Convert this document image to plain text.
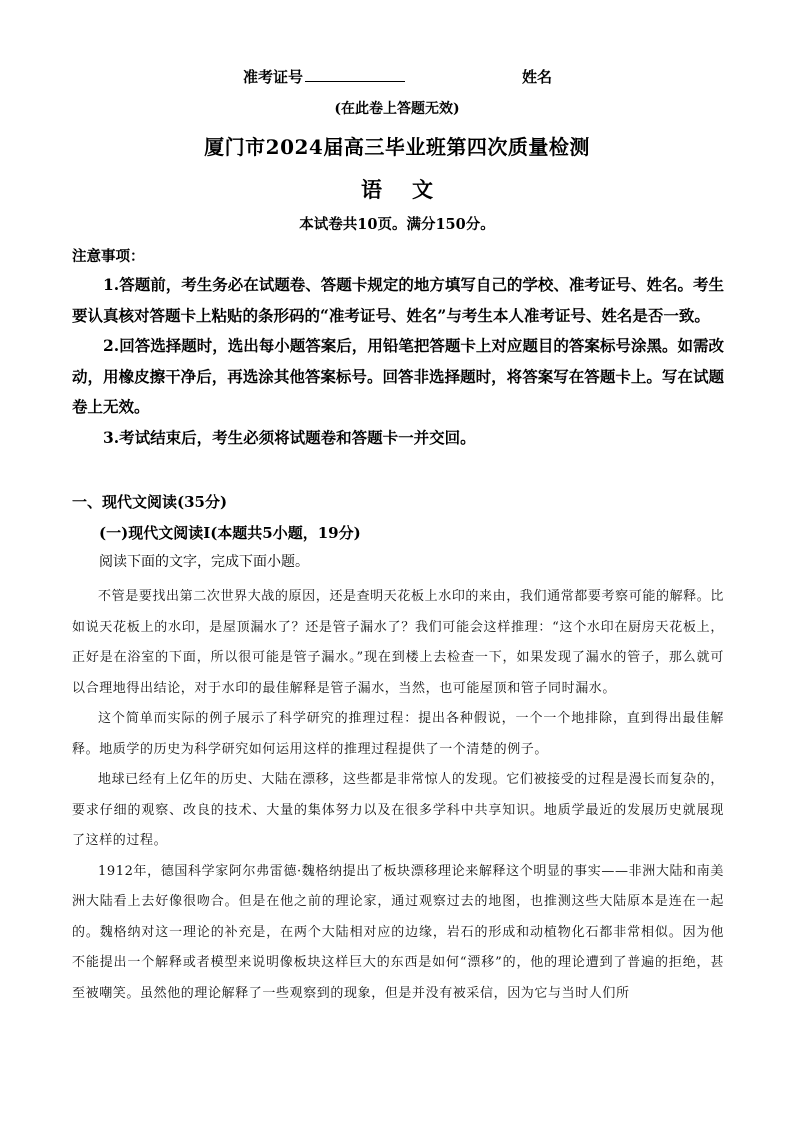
准考证号	姓名
(在此卷上答题无效)
厦门市2024届高三毕业班第四次质量检测
语 文
本试卷共10页。满分150分。
注意事项：

1.答题前，考生务必在试题卷、答题卡规定的地方填写自己的学校、准考证号、姓名。考生要认真核对答题卡上粘贴的条形码的“准考证号、姓名”与考生本人准考证号、姓名是否一致。

2.回答选择题时，选出每小题答案后，用铅笔把答题卡上对应题目的答案标号涂黑。如需改动，用橡皮擦干净后，再选涂其他答案标号。回答非选择题时，将答案写在答题卡上。写在试题卷上无效。

3.考试结束后，考生必须将试题卷和答题卡一并交回。

一、现代文阅读(35分)
(一)现代文阅读Ⅰ(本题共5小题，19分)
阅读下面的文字，完成下面小题。

不管是要找出第二次世界大战的原因，还是查明天花板上水印的来由，我们通常都要考察可能的解释。比如说天花板上的水印，是屋顶漏水了？还是管子漏水了？我们可能会这样推理：“这个水印在厨房天花板上，正好是在浴室的下面，所以很可能是管子漏水。”现在到楼上去检查一下，如果发现了漏水的管子，那么就可以合理地得出结论，对于水印的最佳解释是管子漏水，当然，也可能屋顶和管子同时漏水。

这个简单而实际的例子展示了科学研究的推理过程：提出各种假说，一个一个地排除，直到得出最佳解释。地质学的历史为科学研究如何运用这样的推理过程提供了一个清楚的例子。

地球已经有上亿年的历史、大陆在漂移，这些都是非常惊人的发现。它们被接受的过程是漫长而复杂的，要求仔细的观察、改良的技术、大量的集体努力以及在很多学科中共享知识。地质学最近的发展历史就展现了这样的过程。

1912年，德国科学家阿尔弗雷德·魏格纳提出了板块漂移理论来解释这个明显的事实——非洲大陆和南美洲大陆看上去好像很吻合。但是在他之前的理论家，通过观察过去的地图，也推测这些大陆原本是连在一起的。魏格纳对这一理论的补充是，在两个大陆相对应的边缘，岩石的形成和动植物化石都非常相似。因为他不能提出一个解释或者模型来说明像板块这样巨大的东西是如何“漂移”的，他的理论遭到了普遍的拒绝，甚至被嘲笑。虽然他的理论解释了一些观察到的现象，但是并没有被采信，因为它与当时人们所
